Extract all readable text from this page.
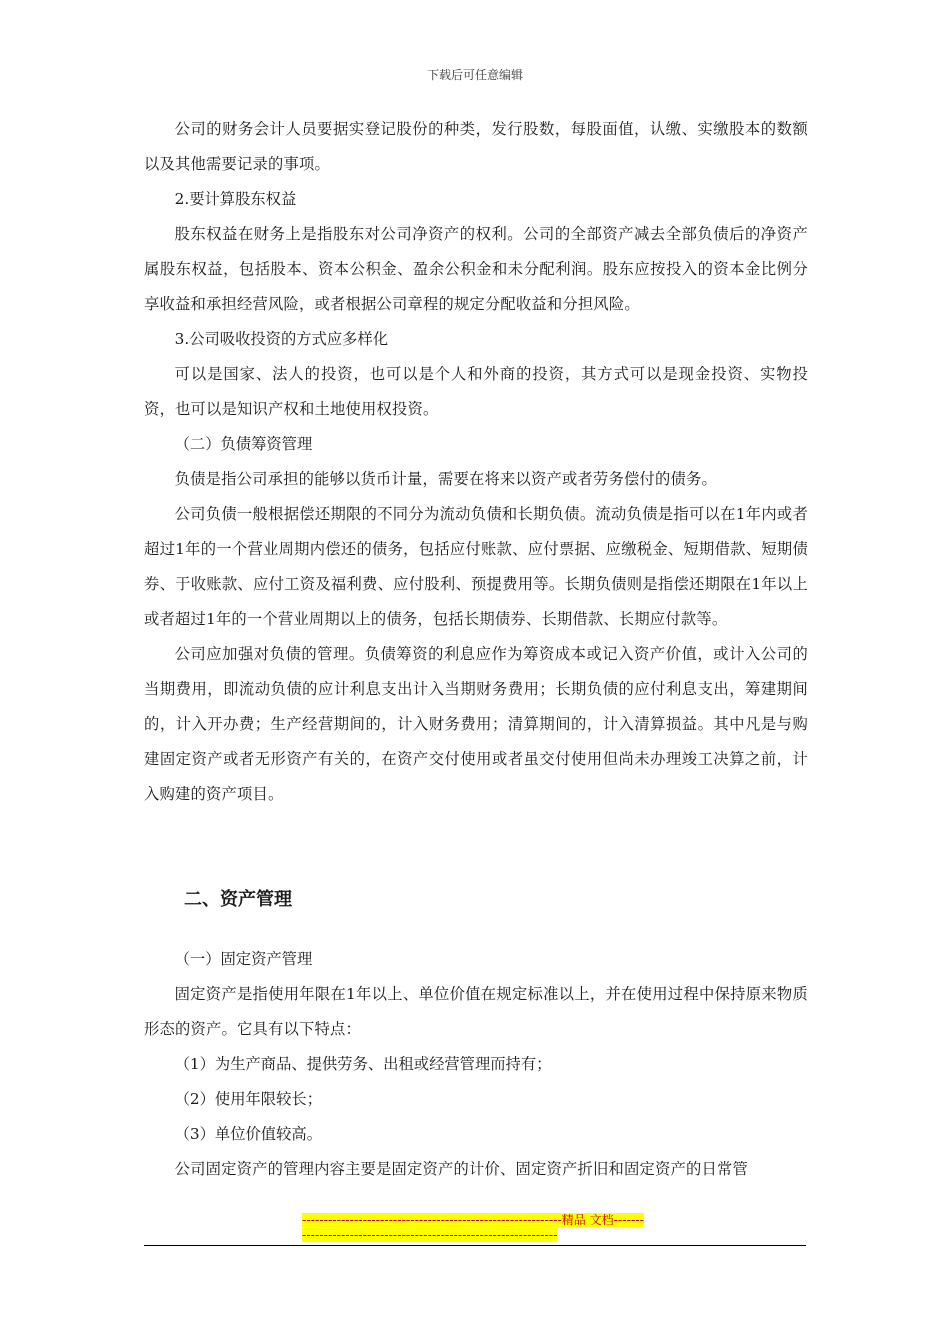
下载后可任意编辑

公司的财务会计人员要据实登记股份的种类，发行股数，每股面值，认缴、实缴股本的数额以及其他需要记录的事项。

2.要计算股东权益

股东权益在财务上是指股东对公司净资产的权利。公司的全部资产减去全部负债后的净资产属股东权益，包括股本、资本公积金、盈余公积金和未分配利润。股东应按投入的资本金比例分享收益和承担经营风险，或者根据公司章程的规定分配收益和分担风险。

3.公司吸收投资的方式应多样化

可以是国家、法人的投资，也可以是个人和外商的投资，其方式可以是现金投资、实物投资，也可以是知识产权和土地使用权投资。

（二）负债筹资管理

负债是指公司承担的能够以货币计量，需要在将来以资产或者劳务偿付的债务。

公司负债一般根据偿还期限的不同分为流动负债和长期负债。流动负债是指可以在1年内或者超过1年的一个营业周期内偿还的债务，包括应付账款、应付票据、应缴税金、短期借款、短期债券、于收账款、应付工资及福利费、应付股利、预提费用等。长期负债则是指偿还期限在1年以上或者超过1年的一个营业周期以上的债务，包括长期债券、长期借款、长期应付款等。

公司应加强对负债的管理。负债筹资的利息应作为筹资成本或记入资产价值，或计入公司的当期费用，即流动负债的应计利息支出计入当期财务费用；长期负债的应付利息支出，筹建期间的，计入开办费；生产经营期间的，计入财务费用；清算期间的，计入清算损益。其中凡是与购建固定资产或者无形资产有关的，在资产交付使用或者虽交付使用但尚未办理竣工决算之前，计入购建的资产项目。

二、资产管理

（一）固定资产管理

固定资产是指使用年限在1年以上、单位价值在规定标准以上，并在使用过程中保持原来物质形态的资产。它具有以下特点：

（1）为生产商品、提供劳务、出租或经营管理而持有；

（2）使用年限较长；

（3）单位价值较高。

公司固定资产的管理内容主要是固定资产的计价、固定资产折旧和固定资产的日常管

------------------------------------------------------------精品 文档------------------------------------------------------------------
